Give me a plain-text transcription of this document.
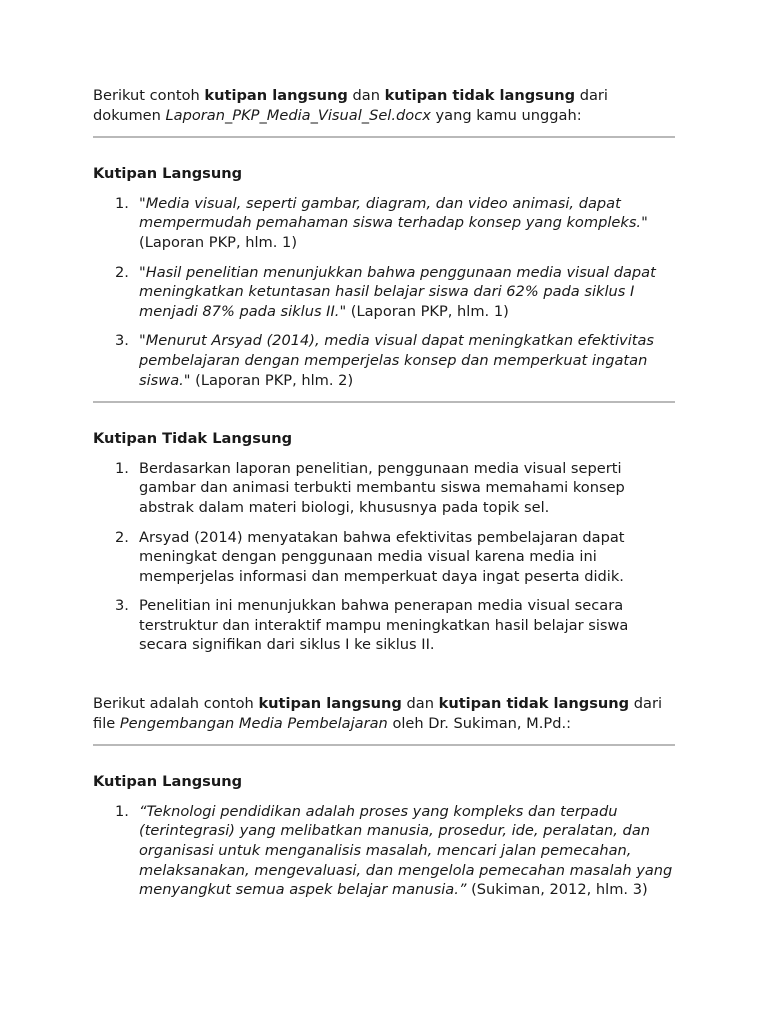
Berikut contoh kutipan langsung dan kutipan tidak langsung dari dokumen Laporan_PKP_Media_Visual_Sel.docx yang kamu unggah:

Kutipan Langsung
1. "Media visual, seperti gambar, diagram, dan video animasi, dapat mempermudah pemahaman siswa terhadap konsep yang kompleks." (Laporan PKP, hlm. 1)
2. "Hasil penelitian menunjukkan bahwa penggunaan media visual dapat meningkatkan ketuntasan hasil belajar siswa dari 62% pada siklus I menjadi 87% pada siklus II." (Laporan PKP, hlm. 1)
3. "Menurut Arsyad (2014), media visual dapat meningkatkan efektivitas pembelajaran dengan memperjelas konsep dan memperkuat ingatan siswa." (Laporan PKP, hlm. 2)
Kutipan Tidak Langsung
1. Berdasarkan laporan penelitian, penggunaan media visual seperti gambar dan animasi terbukti membantu siswa memahami konsep abstrak dalam materi biologi, khususnya pada topik sel.
2. Arsyad (2014) menyatakan bahwa efektivitas pembelajaran dapat meningkat dengan penggunaan media visual karena media ini memperjelas informasi dan memperkuat daya ingat peserta didik.
3. Penelitian ini menunjukkan bahwa penerapan media visual secara terstruktur dan interaktif mampu meningkatkan hasil belajar siswa secara signifikan dari siklus I ke siklus II.

Berikut adalah contoh kutipan langsung dan kutipan tidak langsung dari file Pengembangan Media Pembelajaran oleh Dr. Sukiman, M.Pd.:

Kutipan Langsung
1. “Teknologi pendidikan adalah proses yang kompleks dan terpadu (terintegrasi) yang melibatkan manusia, prosedur, ide, peralatan, dan organisasi untuk menganalisis masalah, mencari jalan pemecahan, melaksanakan, mengevaluasi, dan mengelola pemecahan masalah yang menyangkut semua aspek belajar manusia.” (Sukiman, 2012, hlm. 3)
